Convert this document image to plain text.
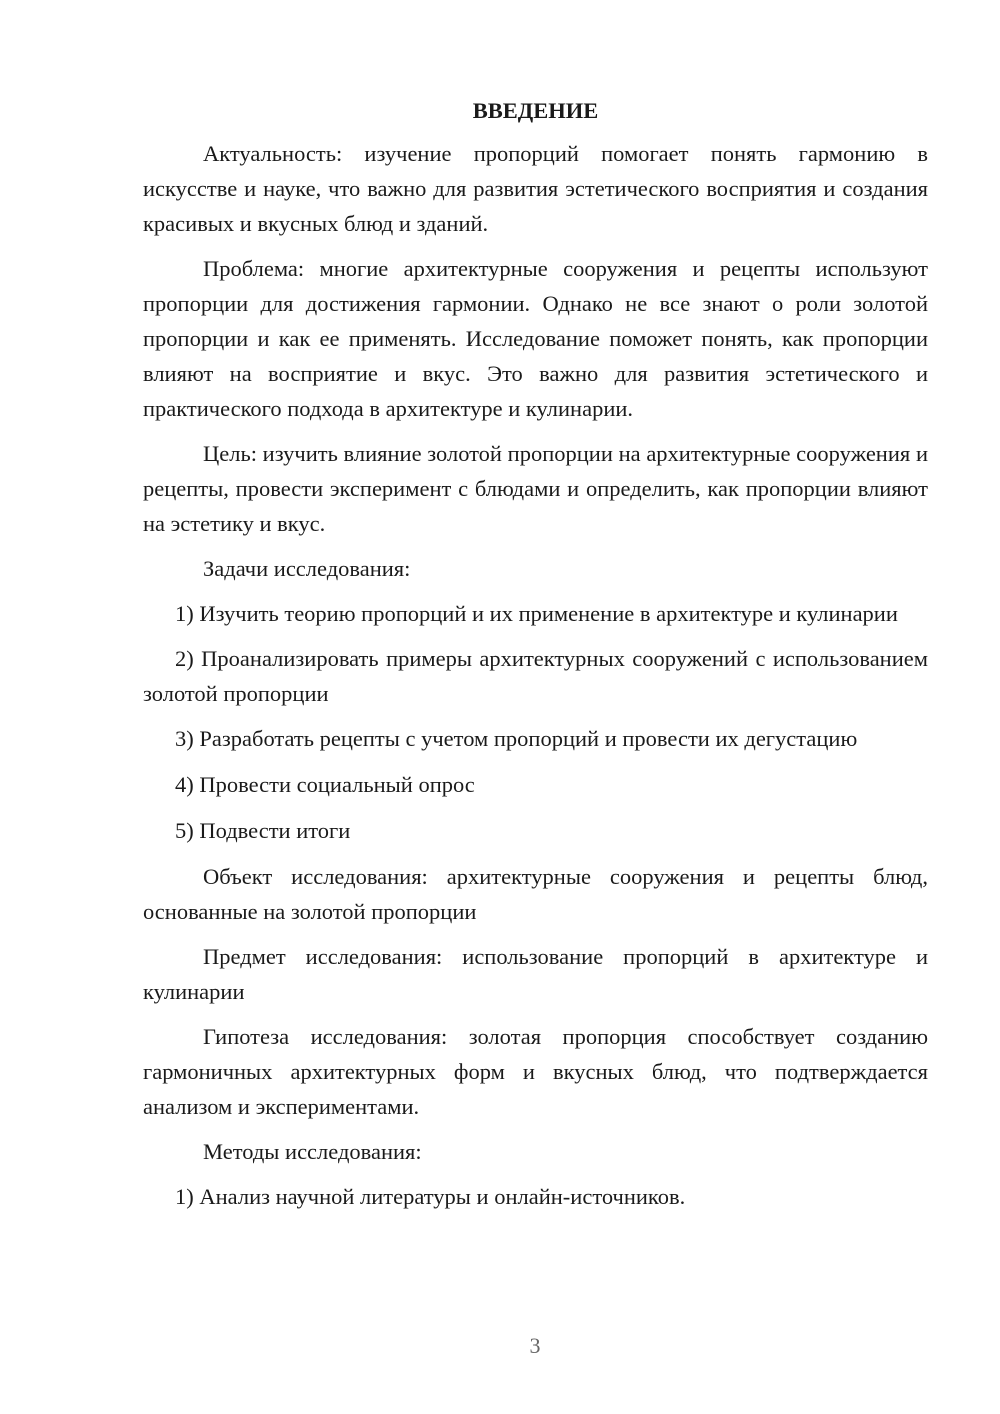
ВВЕДЕНИЕ
Актуальность: изучение пропорций помогает понять гармонию в искусстве и науке, что важно для развития эстетического восприятия и создания красивых и вкусных блюд и зданий.
Проблема: многие архитектурные сооружения и рецепты используют пропорции для достижения гармонии. Однако не все знают о роли золотой пропорции и как ее применять. Исследование поможет понять, как пропорции влияют на восприятие и вкус. Это важно для развития эстетического и практического подхода в архитектуре и кулинарии.
Цель: изучить влияние золотой пропорции на архитектурные сооружения и рецепты, провести эксперимент с блюдами и определить, как пропорции влияют на эстетику и вкус.
Задачи исследования:
1) Изучить теорию пропорций и их применение в архитектуре и кулинарии
2) Проанализировать примеры архитектурных сооружений с использованием золотой пропорции
3) Разработать рецепты с учетом пропорций и провести их дегустацию
4) Провести социальный опрос
5) Подвести итоги
Объект исследования: архитектурные сооружения и рецепты блюд, основанные на золотой пропорции
Предмет исследования: использование пропорций в архитектуре и кулинарии
Гипотеза исследования: золотая пропорция способствует созданию гармоничных архитектурных форм и вкусных блюд, что подтверждается анализом и экспериментами.
Методы исследования:
1) Анализ научной литературы и онлайн-источников.
3
